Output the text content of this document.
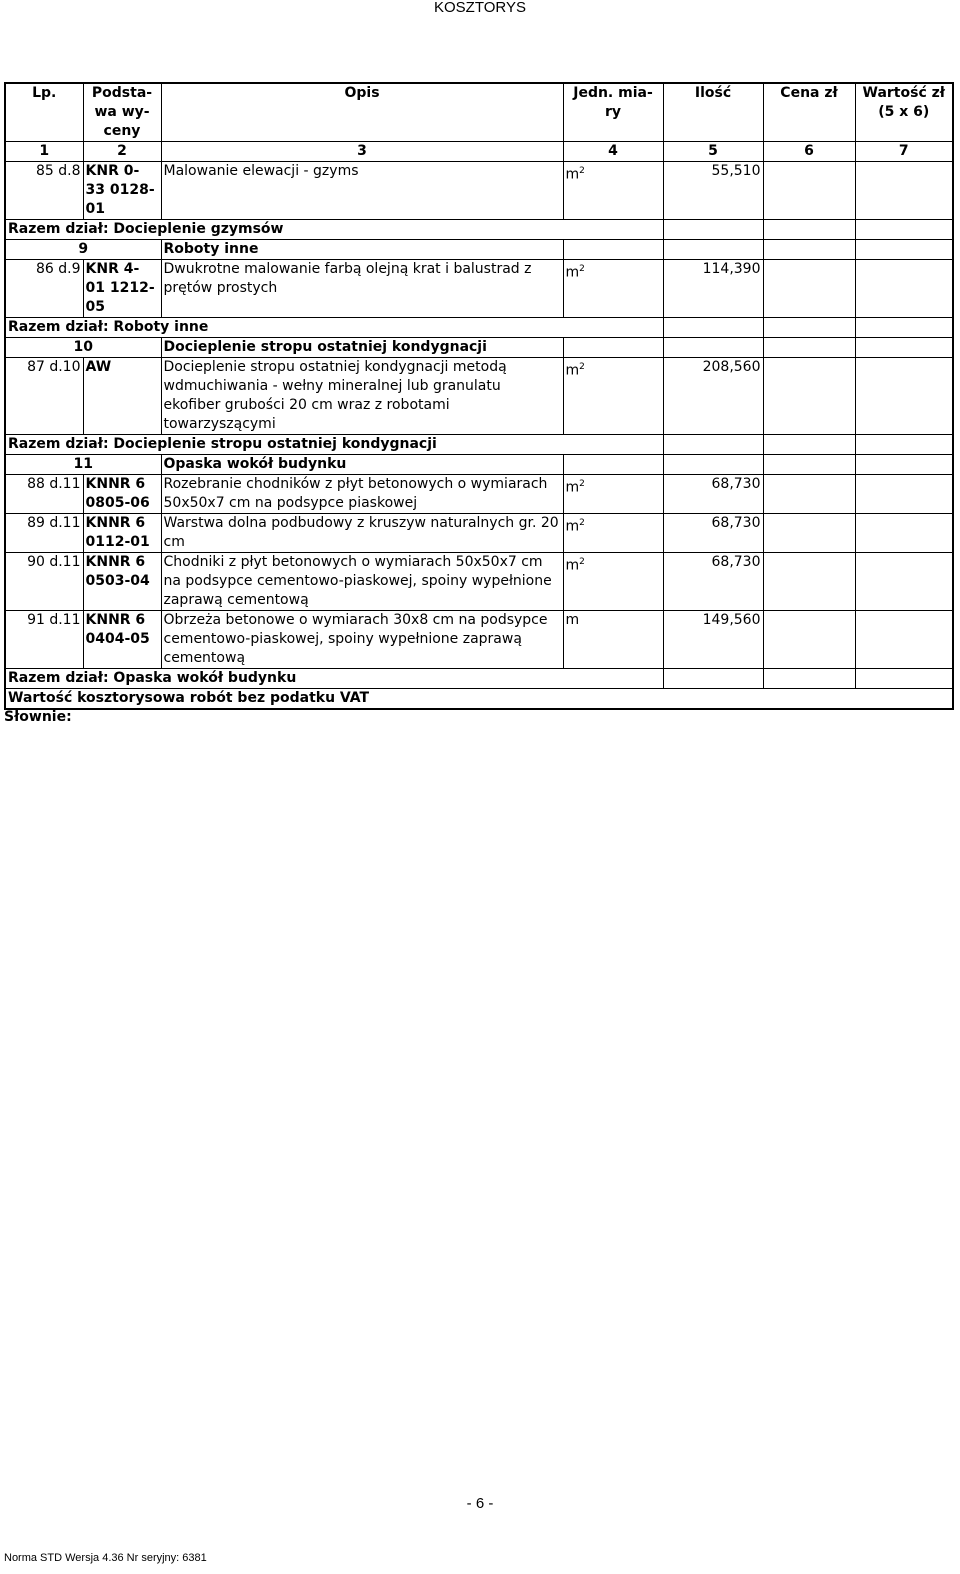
KOSZTORYS
Lp.	Podsta-wa wy-ceny	Opis	Jedn. mia-ry	Ilość	Cena zł	Wartość zł (5 x 6)
1	2	3	4	5	6	7
85 d.8	KNR 0-33 0128-01	Malowanie elewacji - gzyms	$m^2$	55,510		
Razem dział: Docieplenie gzymsów						
9		Roboty inne				
86 d.9	KNR 4-01 1212-05	Dwukrotne malowanie farbą olejną krat i balustrad z prętów prostych	$m^2$	114,390		
Razem dział: Roboty inne						
10		Docieplenie stropu ostatniej kondygnacji				
87 d.10	AW	Docieplenie stropu ostatniej kondygnacji metodą wdmuchiwania - wełny mineralnej lub granulatu ekofiber grubości 20 cm wraz z robotami towarzyszącymi	$m^2$	208,560		
Razem dział: Docieplenie stropu ostatniej kondygnacji						
11		Opaska wokół budynku				
88 d.11	KNNR 6 0805-06	Rozebranie chodników z płyt betonowych o wymiarach 50x50x7 cm na podsypce piaskowej	$m^2$	68,730		
89 d.11	KNNR 6 0112-01	Warstwa dolna podbudowy z kruszyw naturalnych gr. 20 cm	$m^2$	68,730		
90 d.11	KNNR 6 0503-04	Chodniki z płyt betonowych o wymiarach 50x50x7 cm na podsypce cementowo-piaskowej, spoiny wypełnione zaprawą cementową	$m^2$	68,730		
91 d.11	KNNR 6 0404-05	Obrzeża betonowe o wymiarach 30x8 cm na podsypce cementowo-piaskowej, spoiny wypełnione zaprawą cementową	m	149,560		
Razem dział: Opaska wokół budynku						
Wartość kosztorysowa robót bez podatku VAT						
Słownie:
- 6 -
Norma STD Wersja 4.36 Nr seryjny: 6381
